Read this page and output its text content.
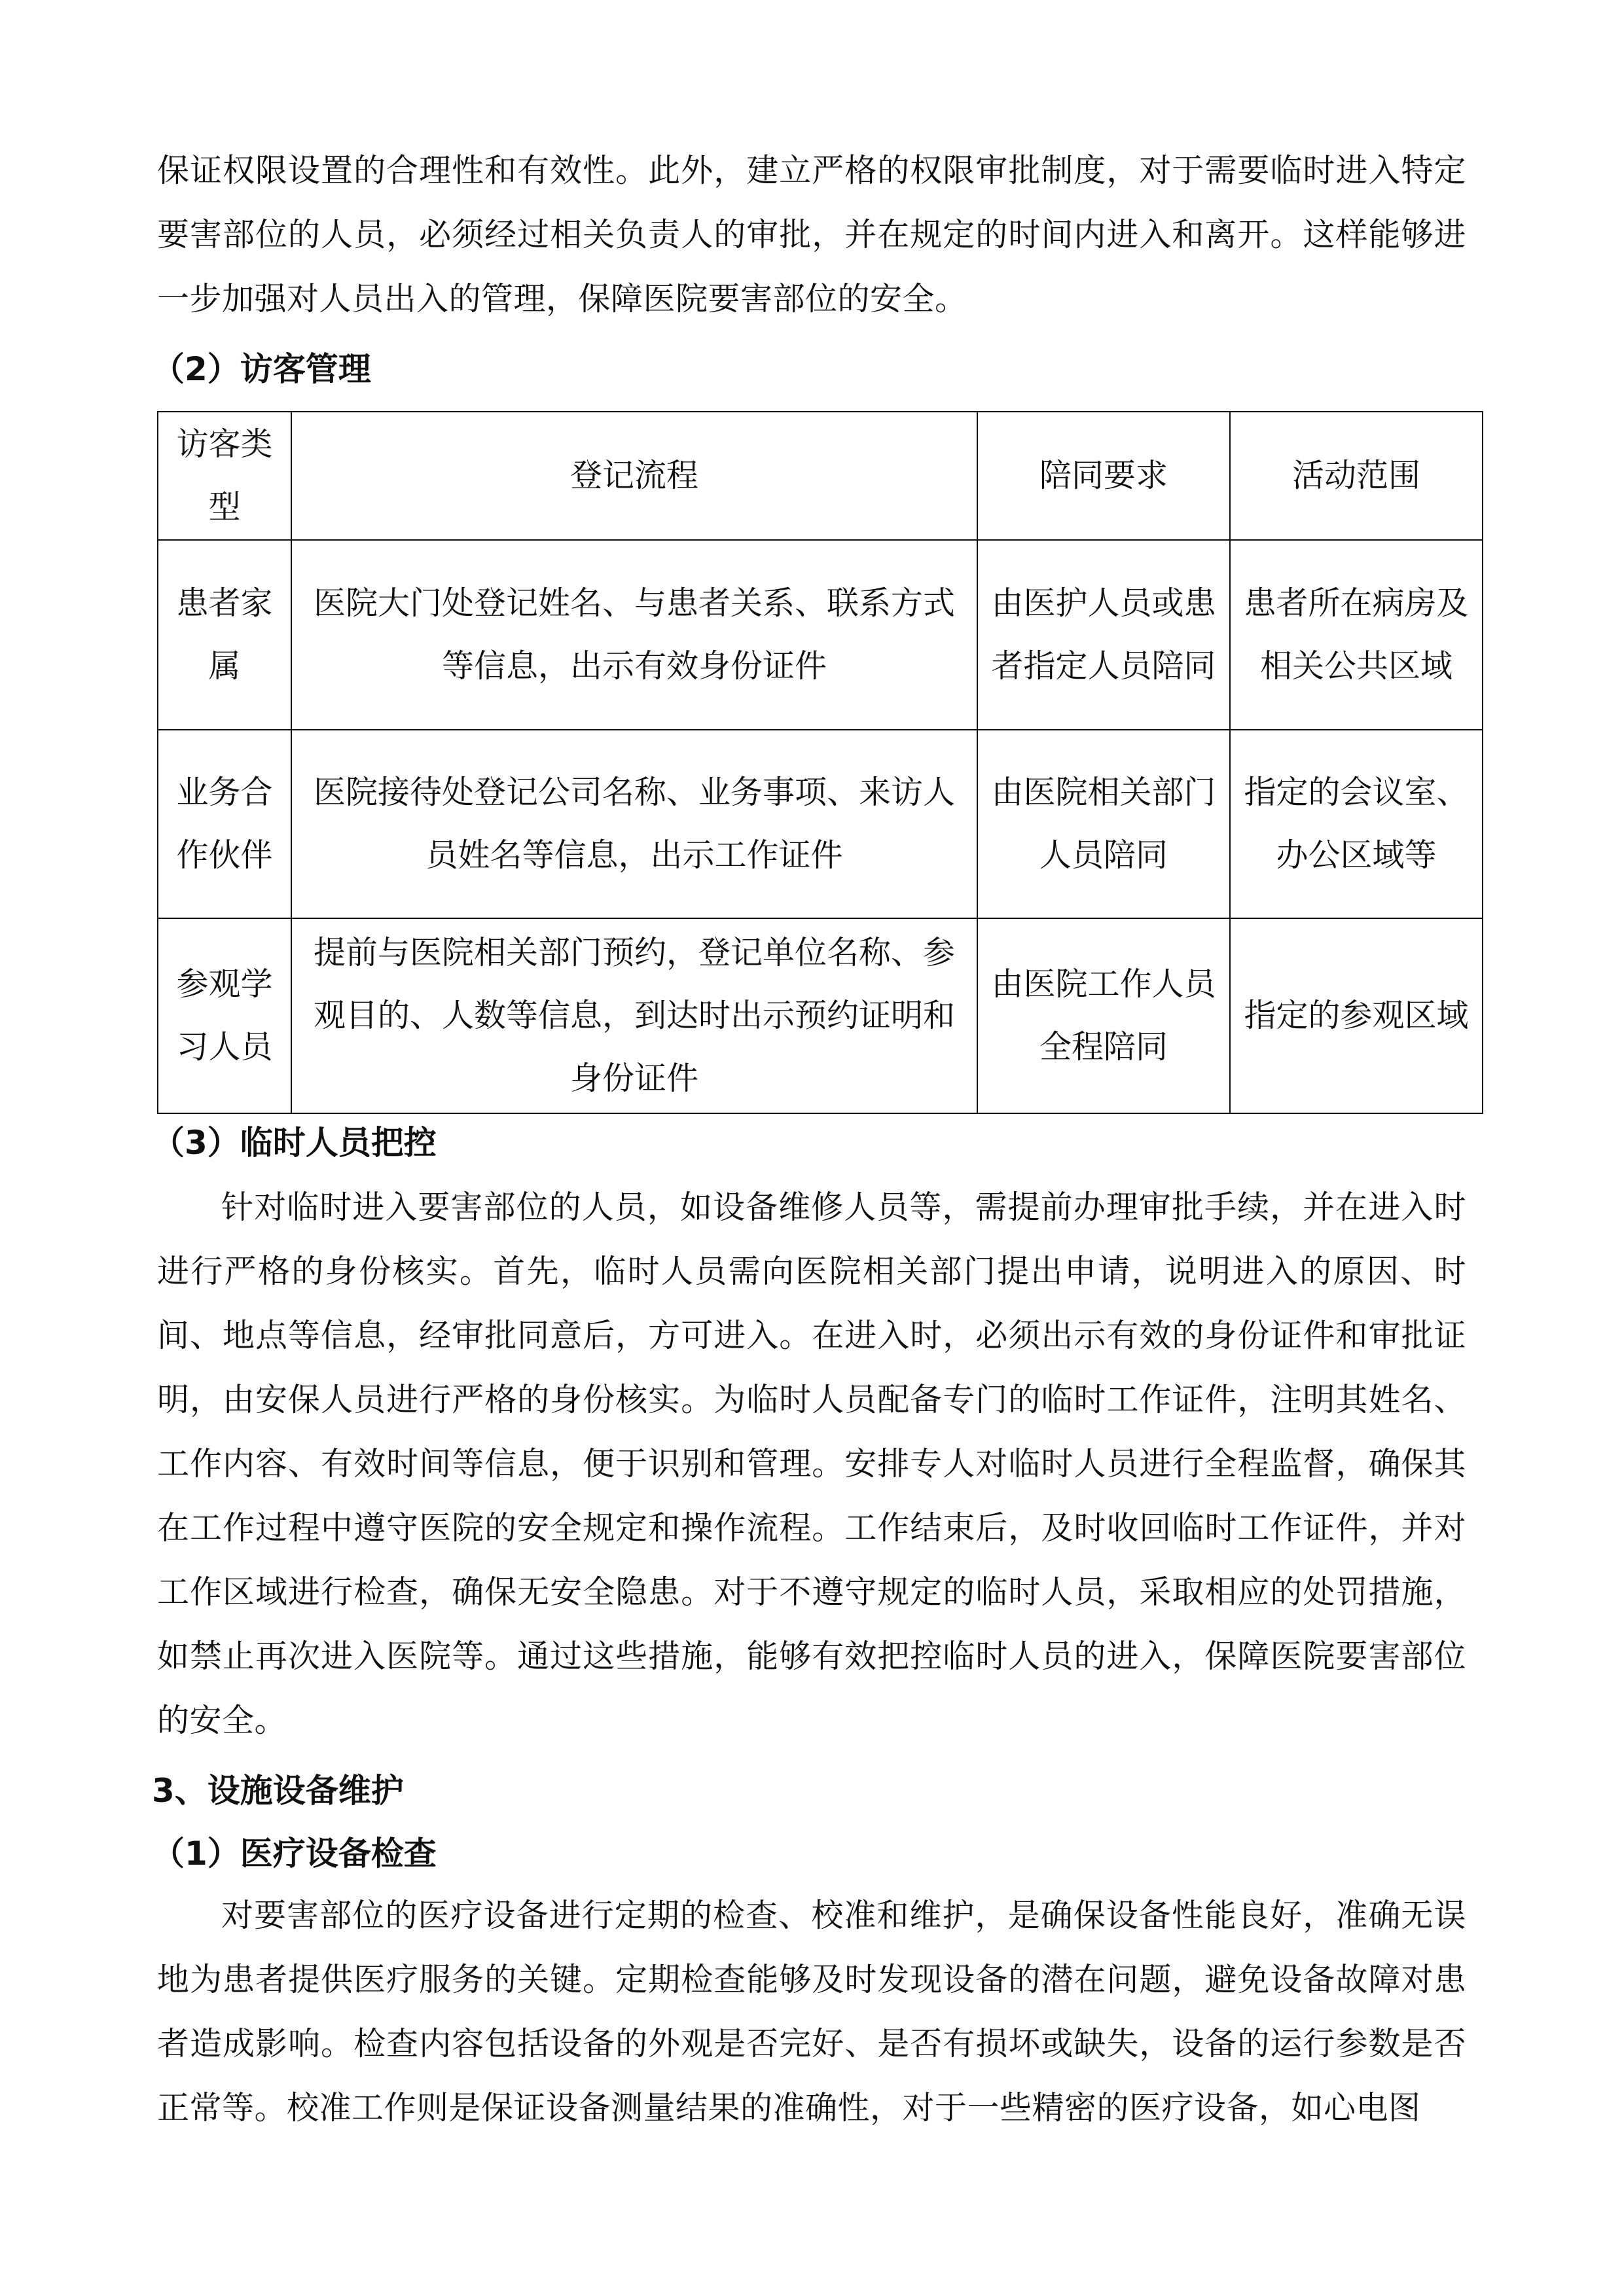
保证权限设置的合理性和有效性。此外，建立严格的权限审批制度，对于需要临时进入特定要害部位的人员，必须经过相关负责人的审批，并在规定的时间内进入和离开。这样能够进一步加强对人员出入的管理，保障医院要害部位的安全。

（2）访客管理
访客类型	登记流程	陪同要求	活动范围
患者家属	医院大门处登记姓名、与患者关系、联系方式等信息，出示有效身份证件	由医护人员或患者指定人员陪同	患者所在病房及相关公共区域
业务合作伙伴	医院接待处登记公司名称、业务事项、来访人员姓名等信息，出示工作证件	由医院相关部门人员陪同	指定的会议室、办公区域等
参观学习人员	提前与医院相关部门预约，登记单位名称、参观目的、人数等信息，到达时出示预约证明和身份证件	由医院工作人员全程陪同	指定的参观区域
（3）临时人员把控

针对临时进入要害部位的人员，如设备维修人员等，需提前办理审批手续，并在进入时进行严格的身份核实。首先，临时人员需向医院相关部门提出申请，说明进入的原因、时间、地点等信息，经审批同意后，方可进入。在进入时，必须出示有效的身份证件和审批证明，由安保人员进行严格的身份核实。为临时人员配备专门的临时工作证件，注明其姓名、工作内容、有效时间等信息，便于识别和管理。安排专人对临时人员进行全程监督，确保其在工作过程中遵守医院的安全规定和操作流程。工作结束后，及时收回临时工作证件，并对工作区域进行检查，确保无安全隐患。对于不遵守规定的临时人员，采取相应的处罚措施，如禁止再次进入医院等。通过这些措施，能够有效把控临时人员的进入，保障医院要害部位的安全。

3、设施设备维护
（1）医疗设备检查

对要害部位的医疗设备进行定期的检查、校准和维护，是确保设备性能良好，准确无误地为患者提供医疗服务的关键。定期检查能够及时发现设备的潜在问题，避免设备故障对患者造成影响。检查内容包括设备的外观是否完好、是否有损坏或缺失，设备的运行参数是否正常等。校准工作则是保证设备测量结果的准确性，对于一些精密的医疗设备，如心电图
